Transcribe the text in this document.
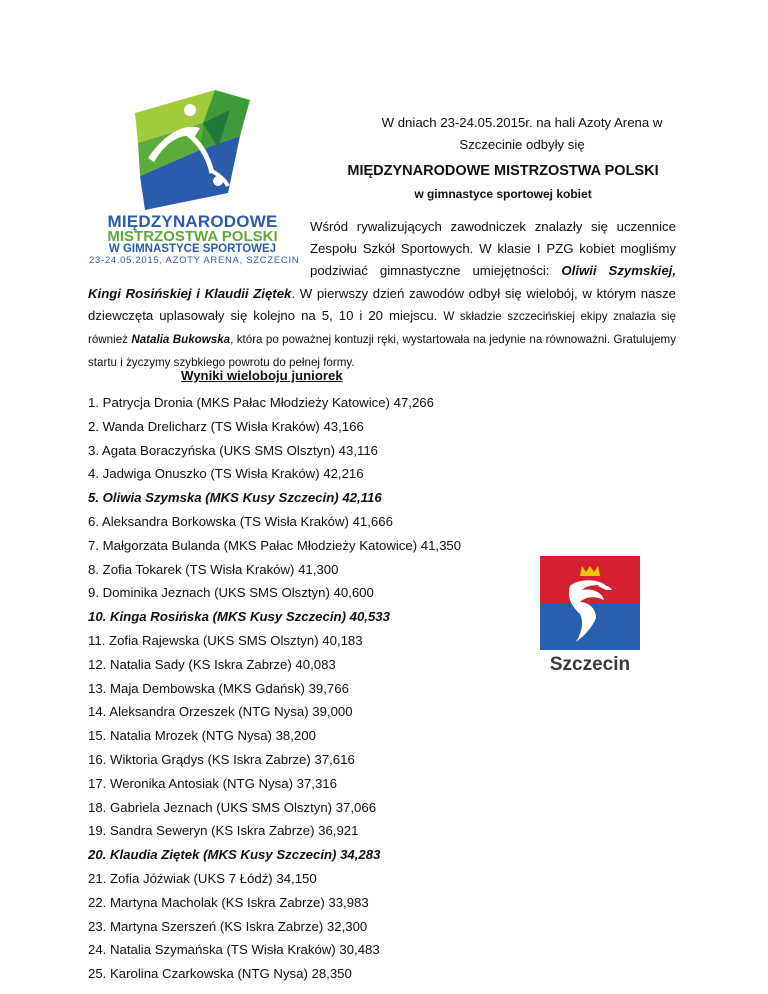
MIĘDZYNARODOWE
MISTRZOSTWA POLSKI
W GIMNASTYCE SPORTOWEJ
23-24.05.2015, AZOTY ARENA, SZCZECIN
W dniach 23-24.05.2015r. na hali Azoty Arena w
Szczecinie odbyły się
MIĘDZYNARODOWE MISTRZOSTWA POLSKI
w gimnastyce sportowej kobiet
Wśród rywalizujących zawodniczek znalazły się uczennice Zespołu Szkół Sportowych. W klasie I PZG kobiet mogliśmy podziwiać gimnastyczne umiejętności: Oliwii Szymskiej, Kingi Rosińskiej i Klaudii Ziętek. W pierwszy dzień zawodów odbył się wielobój, w którym nasze dziewczęta uplasowały się kolejno na 5, 10 i 20 miejscu. W składzie szczecińskiej ekipy znalazła się również Natalia Bukowska, która po poważnej kontuzji ręki, wystartowała na jedynie na równoważni. Gratulujemy startu i życzymy szybkiego powrotu do pełnej formy.
Wyniki wieloboju juniorek
1. Patrycja Dronia (MKS Pałac Młodzieży Katowice) 47,266
2. Wanda Drelicharz (TS Wisła Kraków) 43,166
3. Agata Boraczyńska (UKS SMS Olsztyn) 43,116
4. Jadwiga Onuszko (TS Wisła Kraków) 42,216
5. Oliwia Szymska (MKS Kusy Szczecin) 42,116
6. Aleksandra Borkowska (TS Wisła Kraków) 41,666
7. Małgorzata Bulanda (MKS Pałac Młodzieży Katowice) 41,350
8. Zofia Tokarek (TS Wisła Kraków) 41,300
9. Dominika Jeznach (UKS SMS Olsztyn) 40,600
10. Kinga Rosińska (MKS Kusy Szczecin) 40,533
11. Zofia Rajewska (UKS SMS Olsztyn) 40,183
12. Natalia Sady (KS Iskra Zabrze) 40,083
13. Maja Dembowska (MKS Gdańsk) 39,766
14. Aleksandra Orzeszek (NTG Nysa) 39,000
15. Natalia Mrozek (NTG Nysa) 38,200
16. Wiktoria Grądys (KS Iskra Zabrze) 37,616
17. Weronika Antosiak (NTG Nysa) 37,316
18. Gabriela Jeznach (UKS SMS Olsztyn) 37,066
19. Sandra Seweryn (KS Iskra Zabrze) 36,921
20. Klaudia Ziętek (MKS Kusy Szczecin) 34,283
21. Zofia Jóźwiak (UKS 7 Łódź) 34,150
22. Martyna Macholak (KS Iskra Zabrze) 33,983
23. Martyna Szerszeń (KS Iskra Zabrze) 32,300
24. Natalia Szymańska (TS Wisła Kraków) 30,483
25. Karolina Czarkowska (NTG Nysa) 28,350
Szczecin
